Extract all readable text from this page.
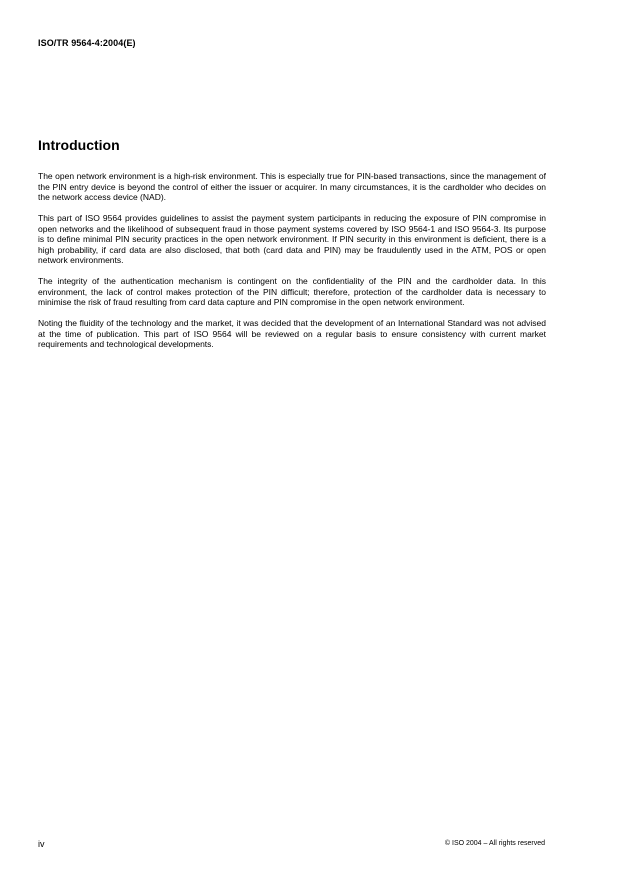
ISO/TR 9564-4:2004(E)
Introduction

The open network environment is a high-risk environment. This is especially true for PIN-based transactions, since the management of the PIN entry device is beyond the control of either the issuer or acquirer. In many circumstances, it is the cardholder who decides on the network access device (NAD).

This part of ISO 9564 provides guidelines to assist the payment system participants in reducing the exposure of PIN compromise in open networks and the likelihood of subsequent fraud in those payment systems covered by ISO 9564-1 and ISO 9564-3. Its purpose is to define minimal PIN security practices in the open network environment. If PIN security in this environment is deficient, there is a high probability, if card data are also disclosed, that both (card data and PIN) may be fraudulently used in the ATM, POS or open network environments.

The integrity of the authentication mechanism is contingent on the confidentiality of the PIN and the cardholder data. In this environment, the lack of control makes protection of the PIN difficult; therefore, protection of the cardholder data is necessary to minimise the risk of fraud resulting from card data capture and PIN compromise in the open network environment.

Noting the fluidity of the technology and the market, it was decided that the development of an International Standard was not advised at the time of publication. This part of ISO 9564 will be reviewed on a regular basis to ensure consistency with current market requirements and technological developments.

iv	© ISO 2004 – All rights reserved
